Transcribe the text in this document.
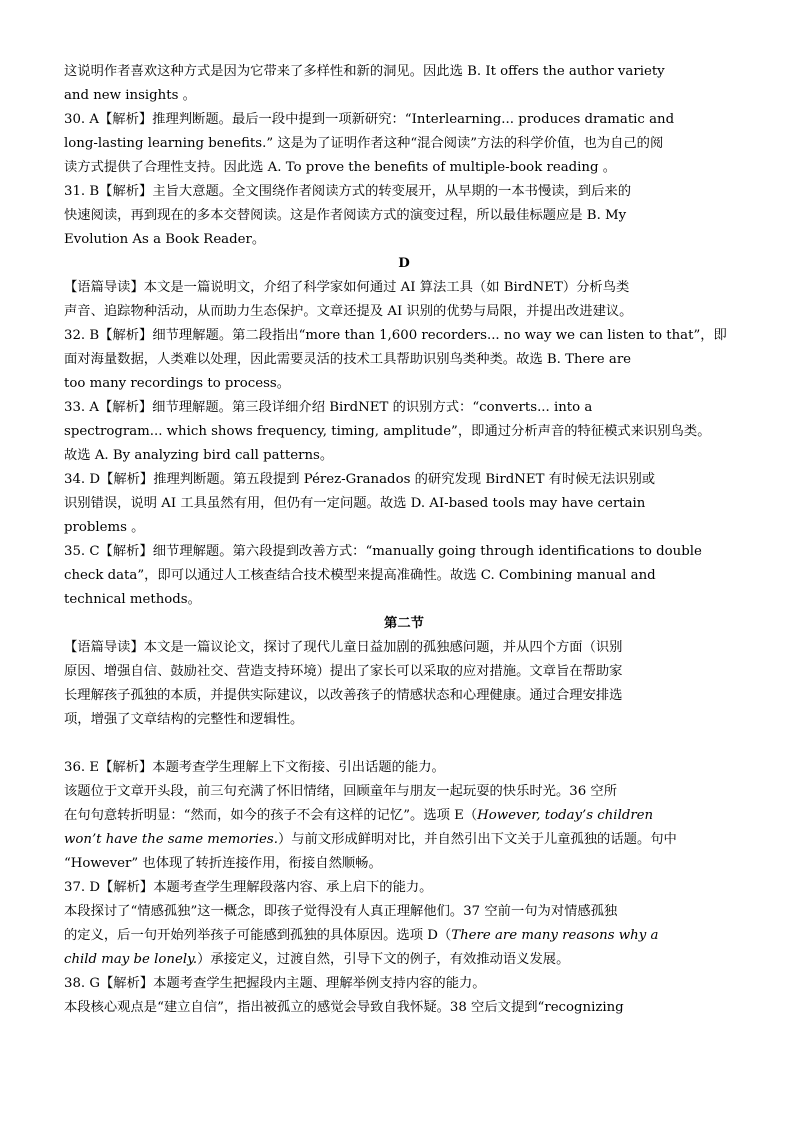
这说明作者喜欢这种方式是因为它带来了多样性和新的洞见。因此选 B. It offers the author variety

and new insights 。

30. A【解析】推理判断题。最后一段中提到一项新研究：“Interlearning... produces dramatic and

long-lasting learning benefits.” 这是为了证明作者这种“混合阅读”方法的科学价值，也为自己的阅

读方式提供了合理性支持。因此选 A. To prove the benefits of multiple-book reading 。

31. B【解析】主旨大意题。全文围绕作者阅读方式的转变展开，从早期的一本书慢读，到后来的

快速阅读，再到现在的多本交替阅读。这是作者阅读方式的演变过程，所以最佳标题应是 B. My

Evolution As a Book Reader。

D

【语篇导读】本文是一篇说明文，介绍了科学家如何通过 AI 算法工具（如 BirdNET）分析鸟类

声音、追踪物种活动，从而助力生态保护。文章还提及 AI 识别的优势与局限，并提出改进建议。

32. B【解析】细节理解题。第二段指出“more than 1,600 recorders... no way we can listen to that”，即

面对海量数据，人类难以处理，因此需要灵活的技术工具帮助识别鸟类种类。故选 B. There are

too many recordings to process。

33. A【解析】细节理解题。第三段详细介绍 BirdNET 的识别方式：“converts... into a

spectrogram... which shows frequency, timing, amplitude”，即通过分析声音的特征模式来识别鸟类。

故选 A. By analyzing bird call patterns。

34. D【解析】推理判断题。第五段提到 Pérez-Granados 的研究发现 BirdNET 有时候无法识别或

识别错误，说明 AI 工具虽然有用，但仍有一定问题。故选 D. AI-based tools may have certain

problems 。

35. C【解析】细节理解题。第六段提到改善方式：“manually going through identifications to double

check data”，即可以通过人工核查结合技术模型来提高准确性。故选 C. Combining manual and

technical methods。

第二节

【语篇导读】本文是一篇议论文，探讨了现代儿童日益加剧的孤独感问题，并从四个方面（识别

原因、增强自信、鼓励社交、营造支持环境）提出了家长可以采取的应对措施。文章旨在帮助家

长理解孩子孤独的本质，并提供实际建议，以改善孩子的情感状态和心理健康。通过合理安排选

项，增强了文章结构的完整性和逻辑性。

36. E【解析】本题考查学生理解上下文衔接、引出话题的能力。

该题位于文章开头段，前三句充满了怀旧情绪，回顾童年与朋友一起玩耍的快乐时光。36 空所

在句句意转折明显：“然而，如今的孩子不会有这样的记忆”。选项 E（However, today’s children

won’t have the same memories.）与前文形成鲜明对比，并自然引出下文关于儿童孤独的话题。句中

“However” 也体现了转折连接作用，衔接自然顺畅。

37. D【解析】本题考查学生理解段落内容、承上启下的能力。

本段探讨了“情感孤独”这一概念，即孩子觉得没有人真正理解他们。37 空前一句为对情感孤独

的定义，后一句开始列举孩子可能感到孤独的具体原因。选项 D（There are many reasons why a

child may be lonely.）承接定义，过渡自然，引导下文的例子，有效推动语义发展。

38. G【解析】本题考查学生把握段内主题、理解举例支持内容的能力。

本段核心观点是“建立自信”，指出被孤立的感觉会导致自我怀疑。38 空后文提到“recognizing
